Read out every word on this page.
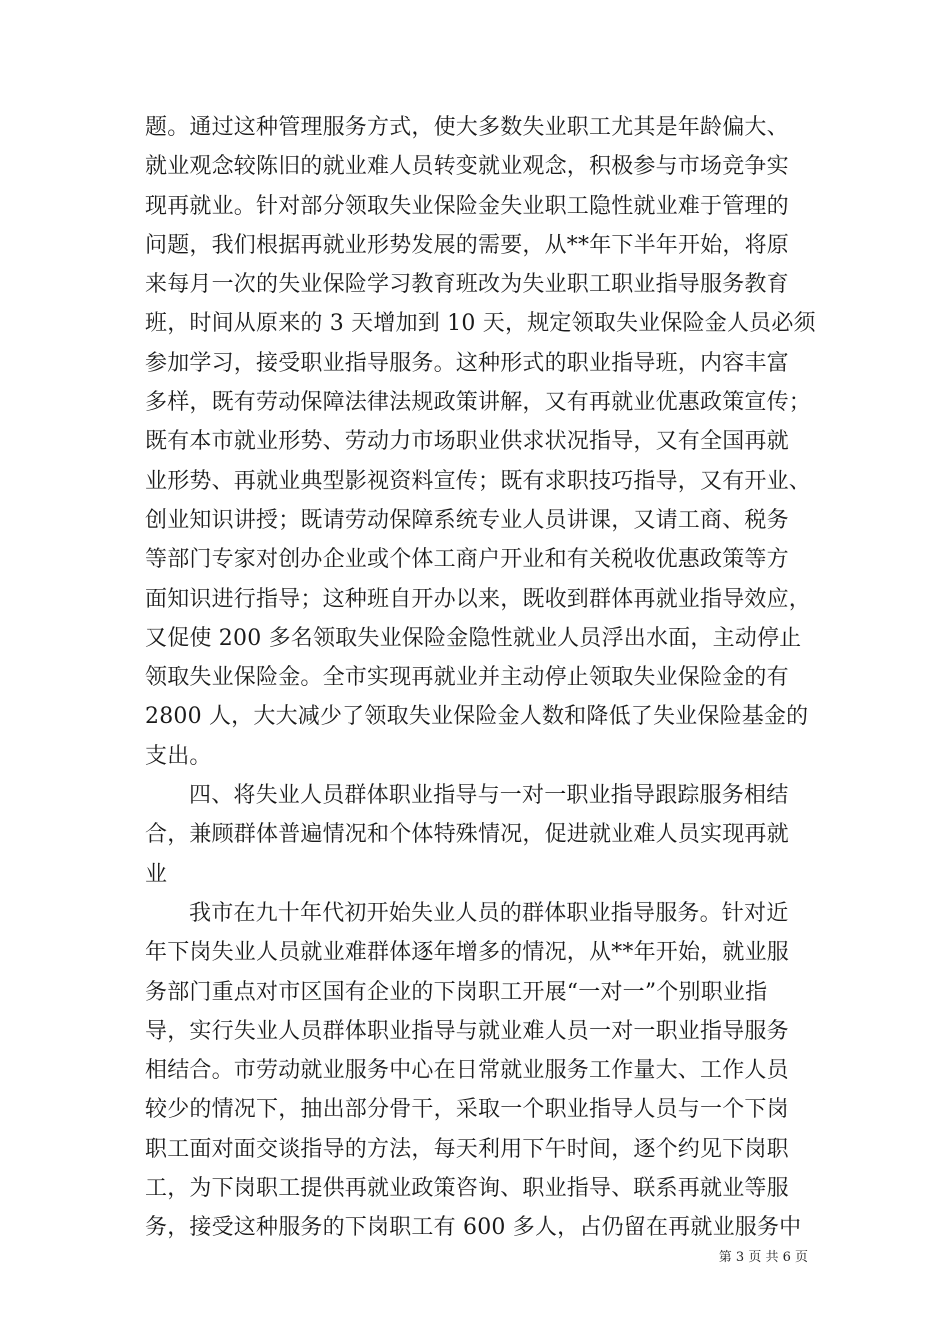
题。通过这种管理服务方式，使大多数失业职工尤其是年龄偏大、
就业观念较陈旧的就业难人员转变就业观念，积极参与市场竞争实
现再就业。针对部分领取失业保险金失业职工隐性就业难于管理的
问题，我们根据再就业形势发展的需要，从**年下半年开始，将原
来每月一次的失业保险学习教育班改为失业职工职业指导服务教育
班，时间从原来的 3 天增加到 10 天，规定领取失业保险金人员必须
参加学习，接受职业指导服务。这种形式的职业指导班，内容丰富
多样，既有劳动保障法律法规政策讲解，又有再就业优惠政策宣传；
既有本市就业形势、劳动力市场职业供求状况指导，又有全国再就
业形势、再就业典型影视资料宣传；既有求职技巧指导，又有开业、
创业知识讲授；既请劳动保障系统专业人员讲课，又请工商、税务
等部门专家对创办企业或个体工商户开业和有关税收优惠政策等方
面知识进行指导；这种班自开办以来，既收到群体再就业指导效应，
又促使 200 多名领取失业保险金隐性就业人员浮出水面，主动停止
领取失业保险金。全市实现再就业并主动停止领取失业保险金的有
2800 人，大大减少了领取失业保险金人数和降低了失业保险基金的
支出。
四、将失业人员群体职业指导与一对一职业指导跟踪服务相结
合，兼顾群体普遍情况和个体特殊情况，促进就业难人员实现再就
业
我市在九十年代初开始失业人员的群体职业指导服务。针对近
年下岗失业人员就业难群体逐年增多的情况，从**年开始，就业服
务部门重点对市区国有企业的下岗职工开展“一对一”个别职业指
导，实行失业人员群体职业指导与就业难人员一对一职业指导服务
相结合。市劳动就业服务中心在日常就业服务工作量大、工作人员
较少的情况下，抽出部分骨干，采取一个职业指导人员与一个下岗
职工面对面交谈指导的方法，每天利用下午时间，逐个约见下岗职
工，为下岗职工提供再就业政策咨询、职业指导、联系再就业等服
务，接受这种服务的下岗职工有 600 多人，占仍留在再就业服务中
第 3 页 共 6 页
